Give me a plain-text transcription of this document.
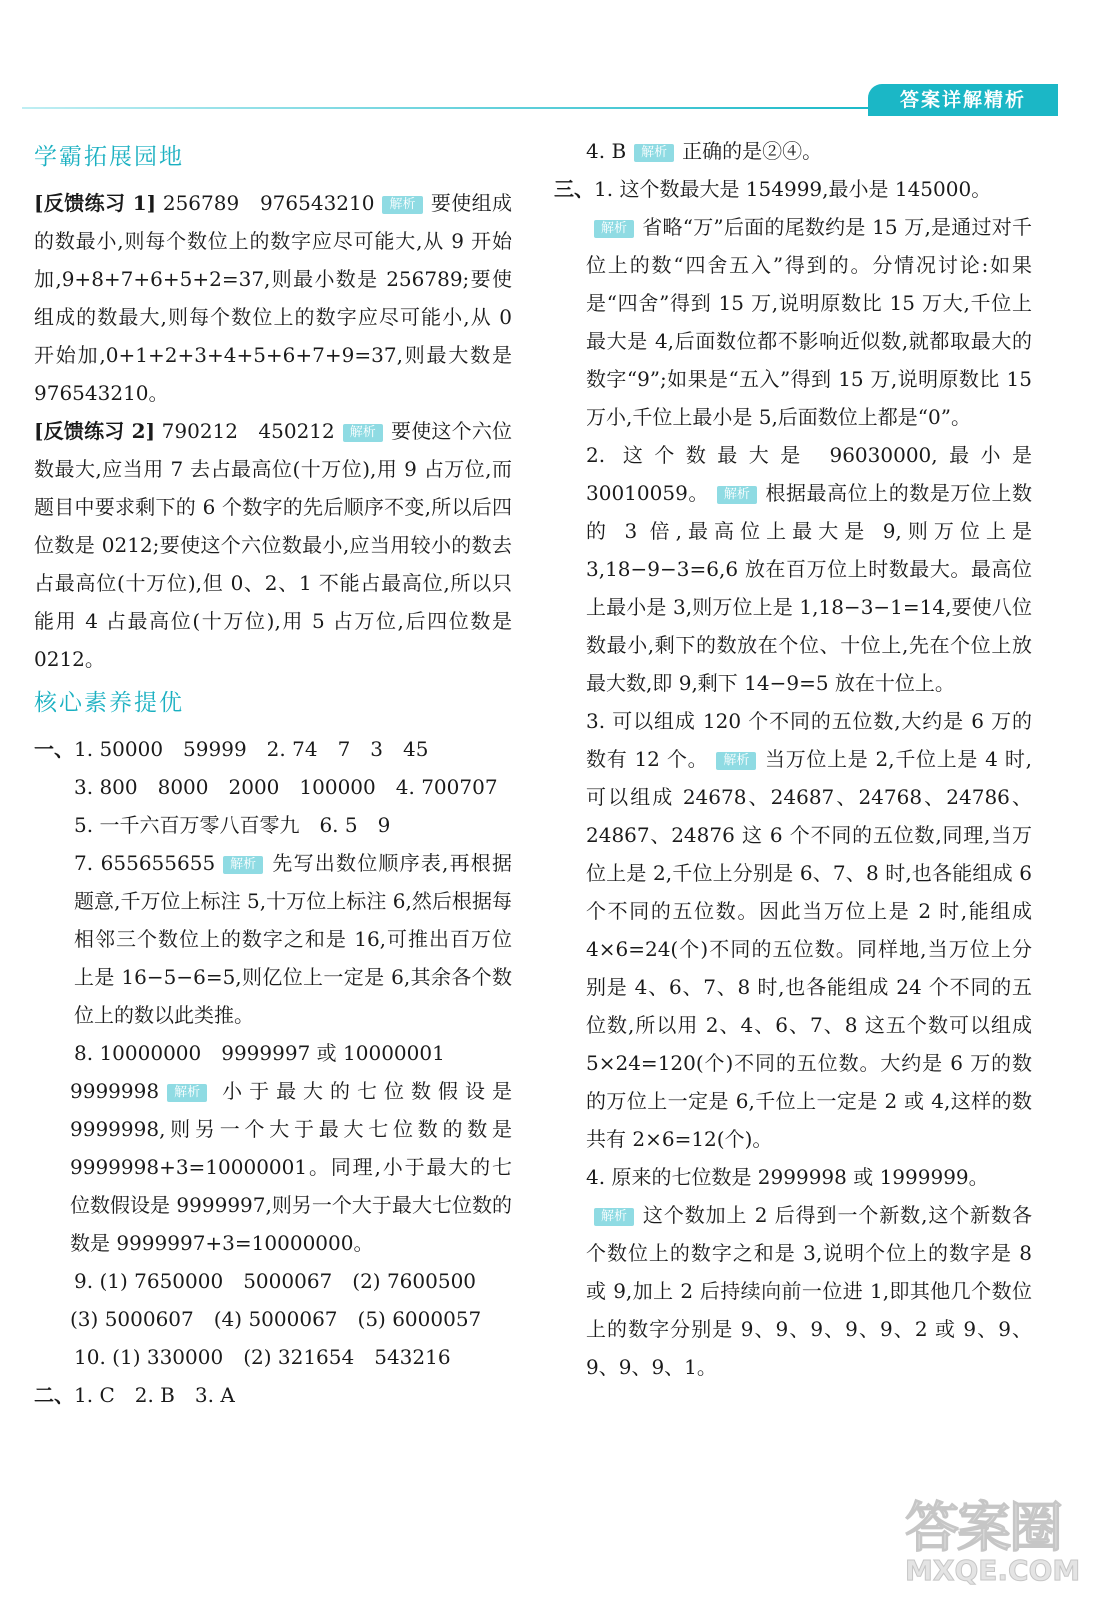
答案详解精析

学霸拓展园地

[反馈练习 1] 256789　976543210 解析 要使组成的数最小,则每个数位上的数字应尽可能大,从 9 开始加,9+8+7+6+5+2=37,则最小数是 256789;要使组成的数最大,则每个数位上的数字应尽可能小,从 0 开始加,0+1+2+3+4+5+6+7+9=37,则最大数是 976543210。

[反馈练习 2] 790212　450212 解析 要使这个六位数最大,应当用 7 去占最高位(十万位),用 9 占万位,而题目中要求剩下的 6 个数字的先后顺序不变,所以后四位数是 0212;要使这个六位数最小,应当用较小的数去占最高位(十万位),但 0、2、1 不能占最高位,所以只能用 4 占最高位(十万位),用 5 占万位,后四位数是 0212。

核心素养提优

一、1. 50000　59999　2. 74　7　3　45

3. 800　8000　2000　100000　4. 700707

5. 一千六百万零八百零九　6. 5　9

7. 655655655 解析 先写出数位顺序表,再根据题意,千万位上标注 5,十万位上标注 6,然后根据每相邻三个数位上的数字之和是 16,可推出百万位上是 16−5−6=5,则亿位上一定是 6,其余各个数位上的数以此类推。

8. 10000000　9999997 或 10000001

9999998 解析 小于最大的七位数假设是 9999998,则另一个大于最大七位数的数是 9999998+3=10000001。同理,小于最大的七位数假设是 9999997,则另一个大于最大七位数的数是 9999997+3=10000000。

9. (1) 7650000　5000067　(2) 7600500

(3) 5000607　(4) 5000067　(5) 6000057

10. (1) 330000　(2) 321654　543216

二、1. C　2. B　3. A

4. B 解析 正确的是②④。

三、1. 这个数最大是 154999,最小是 145000。

解析 省略“万”后面的尾数约是 15 万,是通过对千位上的数“四舍五入”得到的。分情况讨论:如果是“四舍”得到 15 万,说明原数比 15 万大,千位上最大是 4,后面数位都不影响近似数,就都取最大的数字“9”;如果是“五入”得到 15 万,说明原数比 15 万小,千位上最小是 5,后面数位上都是“0”。

2. 这个数最大是 96030000,最小是 30010059。 解析 根据最高位上的数是万位上数的 3 倍,最高位上最大是 9,则万位上是 3,18−9−3=6,6 放在百万位上时数最大。最高位上最小是 3,则万位上是 1,18−3−1=14,要使八位数最小,剩下的数放在个位、十位上,先在个位上放最大数,即 9,剩下 14−9=5 放在十位上。

3. 可以组成 120 个不同的五位数,大约是 6 万的数有 12 个。 解析 当万位上是 2,千位上是 4 时,可以组成 24678、24687、24768、24786、24867、24876 这 6 个不同的五位数,同理,当万位上是 2,千位上分别是 6、7、8 时,也各能组成 6 个不同的五位数。因此当万位上是 2 时,能组成 4×6=24(个)不同的五位数。同样地,当万位上分别是 4、6、7、8 时,也各能组成 24 个不同的五位数,所以用 2、4、6、7、8 这五个数可以组成 5×24=120(个)不同的五位数。大约是 6 万的数的万位上一定是 6,千位上一定是 2 或 4,这样的数共有 2×6=12(个)。

4. 原来的七位数是 2999998 或 1999999。

解析 这个数加上 2 后得到一个新数,这个新数各个数位上的数字之和是 3,说明个位上的数字是 8 或 9,加上 2 后持续向前一位进 1,即其他几个数位上的数字分别是 9、9、9、9、9、2 或 9、9、9、9、9、1。

答案圈
MXQE.COM
